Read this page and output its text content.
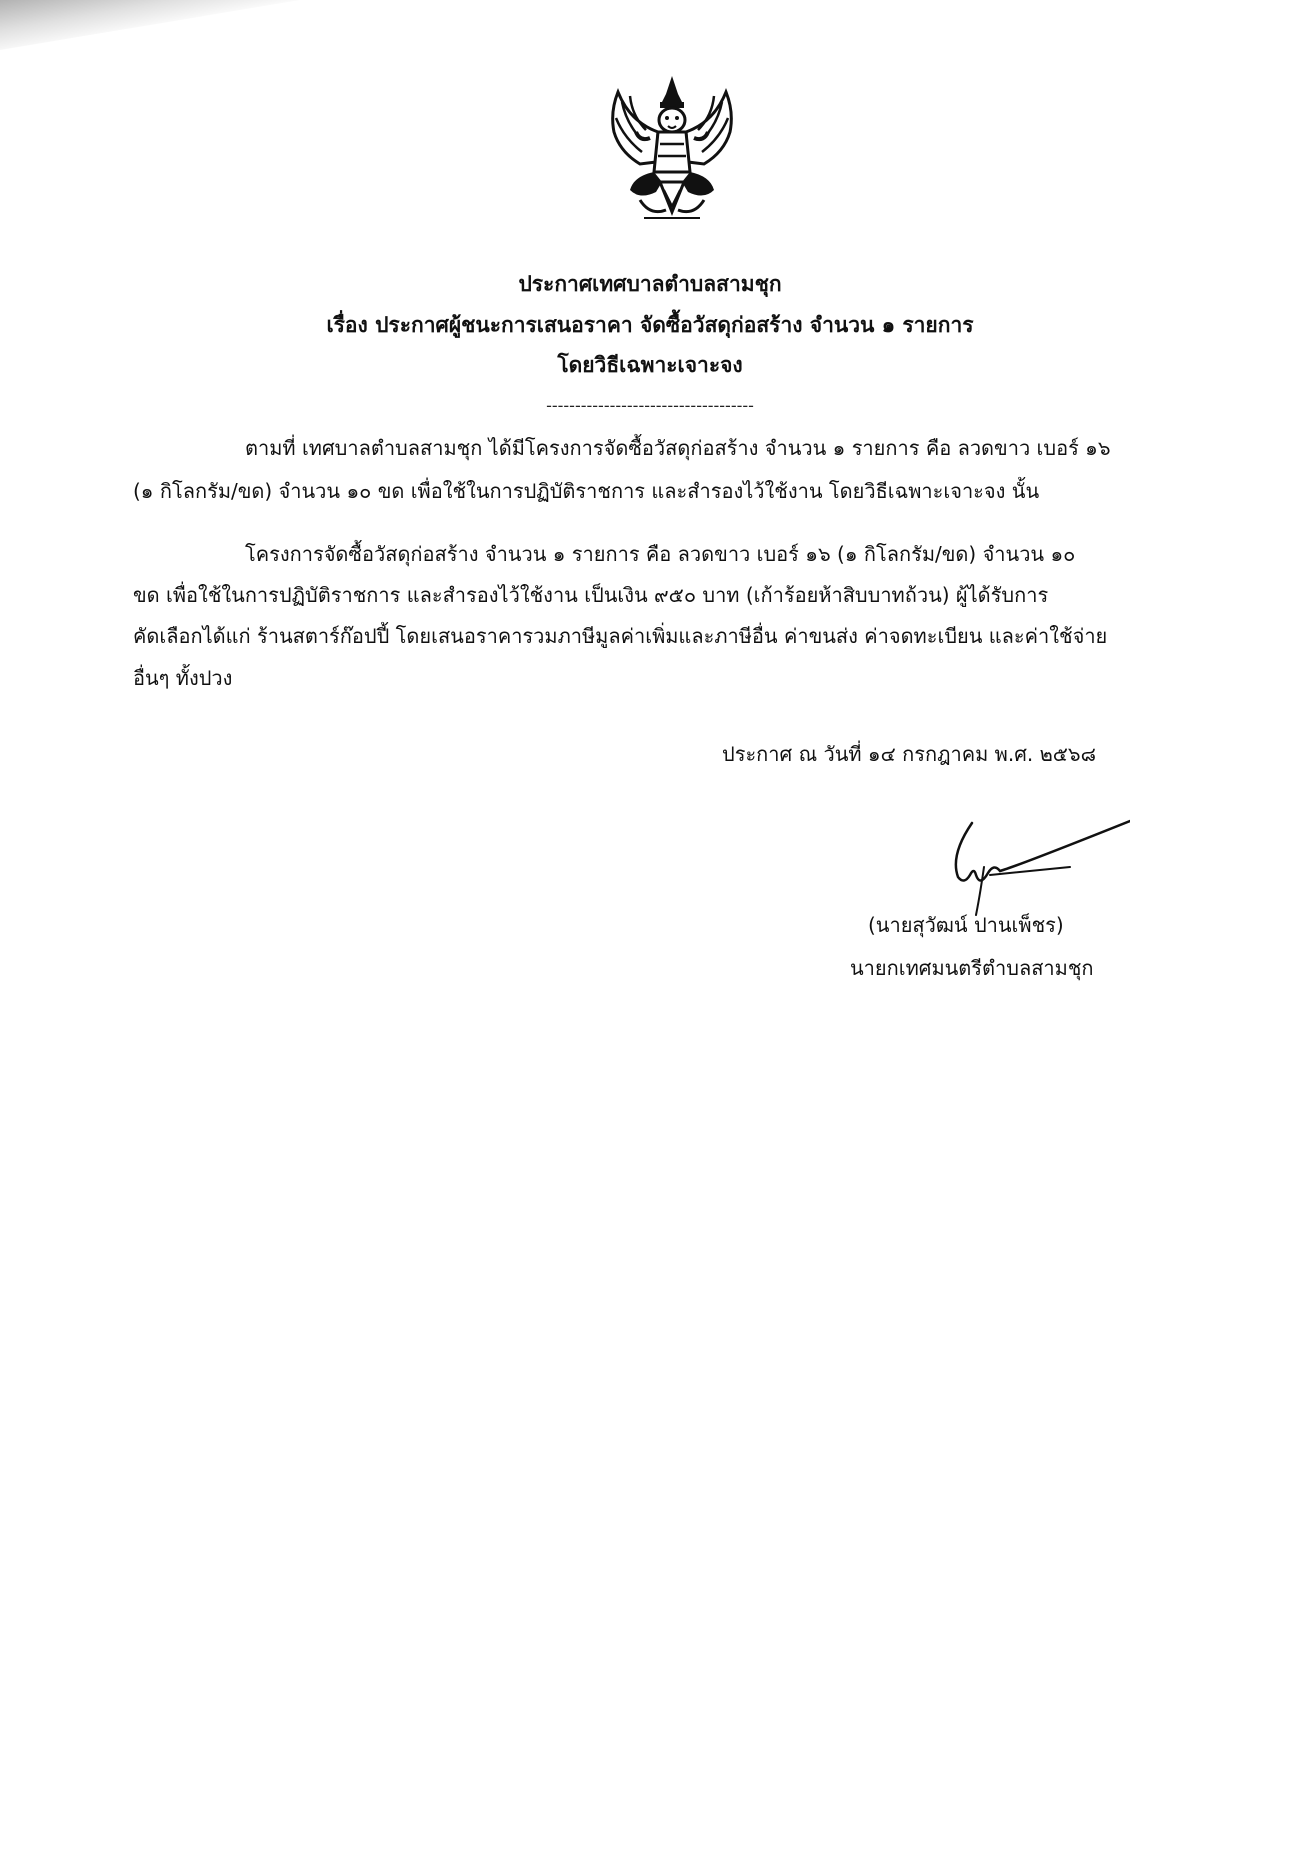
ประกาศเทศบาลตำบลสามชุก
เรื่อง ประกาศผู้ชนะการเสนอราคา จัดซื้อวัสดุก่อสร้าง จำนวน ๑ รายการ
โดยวิธีเฉพาะเจาะจง
------------------------------------
ตามที่ เทศบาลตำบลสามชุก ได้มีโครงการจัดซื้อวัสดุก่อสร้าง จำนวน ๑ รายการ คือ ลวดขาว เบอร์ ๑๖
(๑ กิโลกรัม/ขด) จำนวน ๑๐ ขด เพื่อใช้ในการปฏิบัติราชการ และสำรองไว้ใช้งาน โดยวิธีเฉพาะเจาะจง นั้น
โครงการจัดซื้อวัสดุก่อสร้าง จำนวน ๑ รายการ คือ ลวดขาว เบอร์ ๑๖ (๑ กิโลกรัม/ขด) จำนวน ๑๐
ขด เพื่อใช้ในการปฏิบัติราชการ และสำรองไว้ใช้งาน เป็นเงิน ๙๕๐ บาท (เก้าร้อยห้าสิบบาทถ้วน) ผู้ได้รับการ
คัดเลือกได้แก่ ร้านสตาร์ก๊อปปี้ โดยเสนอราคารวมภาษีมูลค่าเพิ่มและภาษีอื่น ค่าขนส่ง ค่าจดทะเบียน และค่าใช้จ่าย
อื่นๆ ทั้งปวง
ประกาศ ณ วันที่ ๑๔ กรกฎาคม พ.ศ. ๒๕๖๘
(นายสุวัฒน์ ปานเพ็ชร)
นายกเทศมนตรีตำบลสามชุก
